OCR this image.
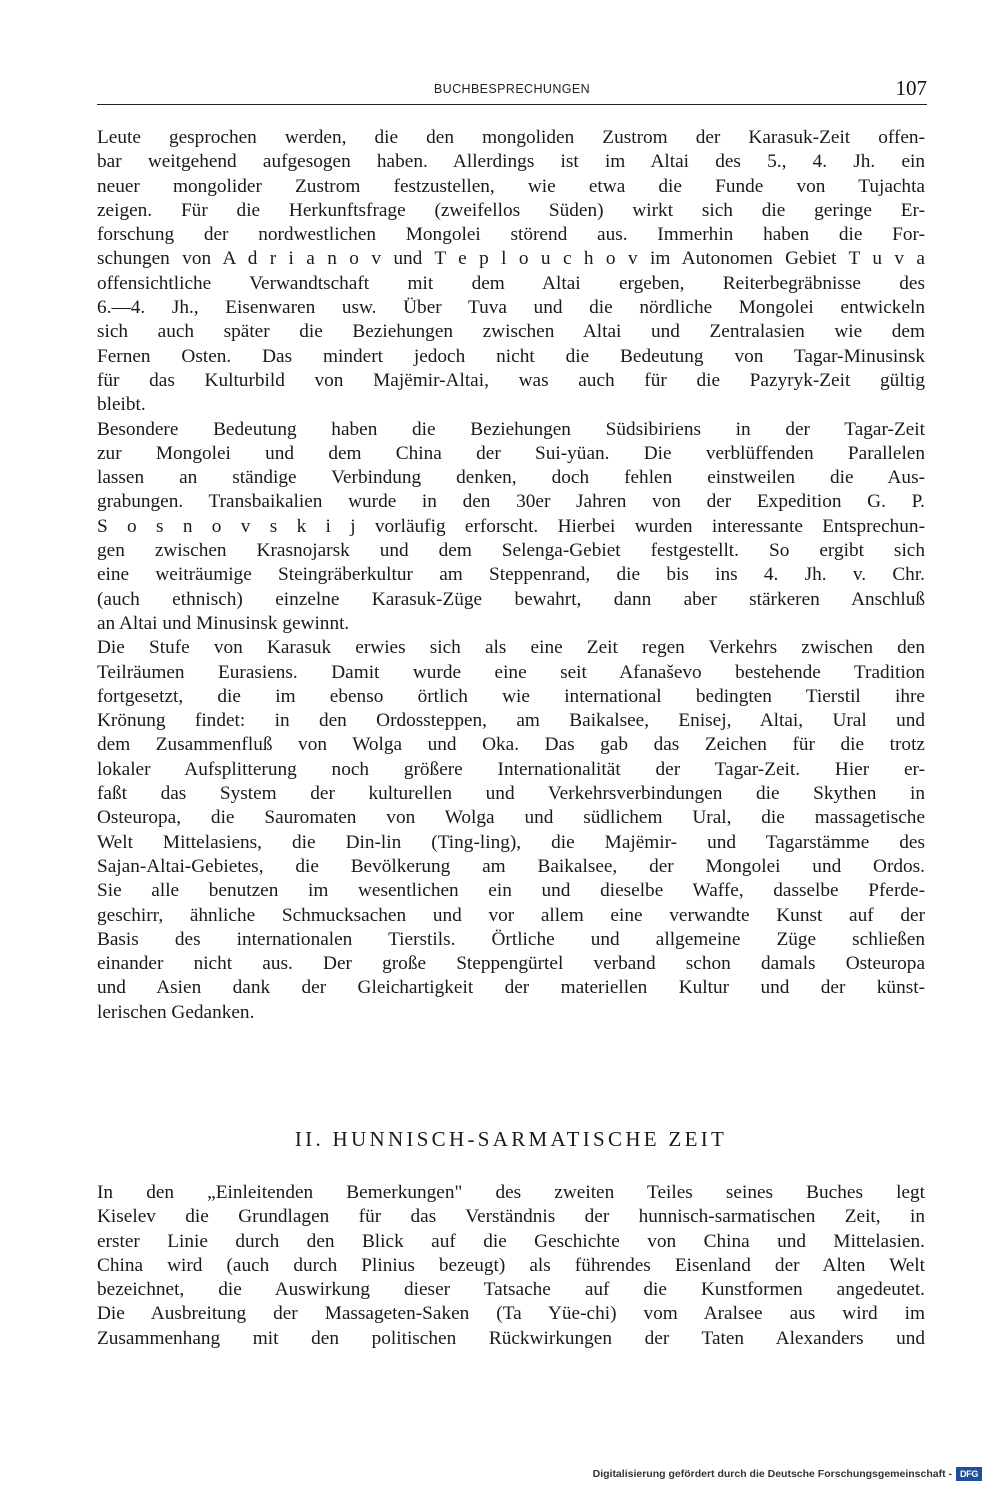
BUCHBESPRECHUNGEN	107
Leute gesprochen werden, die den mongoliden Zustrom der Karasuk-Zeit offen-
bar weitgehend aufgesogen haben. Allerdings ist im Altai des 5., 4. Jh. ein
neuer mongolider Zustrom festzustellen, wie etwa die Funde von Tujachta
zeigen. Für die Herkunftsfrage (zweifellos Süden) wirkt sich die geringe Er-
forschung der nordwestlichen Mongolei störend aus. Immerhin haben die For-
schungen von A d r i a n o v und T e p l o u c h o v im Autonomen Gebiet T u v a
offensichtliche Verwandtschaft mit dem Altai ergeben, Reiterbegräbnisse des
6.—4. Jh., Eisenwaren usw. Über Tuva und die nördliche Mongolei entwickeln
sich auch später die Beziehungen zwischen Altai und Zentralasien wie dem
Fernen Osten. Das mindert jedoch nicht die Bedeutung von Tagar-Minusinsk
für das Kulturbild von Majëmir-Altai, was auch für die Pazyryk-Zeit gültig
bleibt.
Besondere Bedeutung haben die Beziehungen Südsibiriens in der Tagar-Zeit
zur Mongolei und dem China der Sui-yüan. Die verblüffenden Parallelen
lassen an ständige Verbindung denken, doch fehlen einstweilen die Aus-
grabungen. Transbaikalien wurde in den 30er Jahren von der Expedition G. P.
S o s n o v s k i j vorläufig erforscht. Hierbei wurden interessante Entsprechun-
gen zwischen Krasnojarsk und dem Selenga-Gebiet festgestellt. So ergibt sich
eine weiträumige Steingräberkultur am Steppenrand, die bis ins 4. Jh. v. Chr.
(auch ethnisch) einzelne Karasuk-Züge bewahrt, dann aber stärkeren Anschluß
an Altai und Minusinsk gewinnt.
Die Stufe von Karasuk erwies sich als eine Zeit regen Verkehrs zwischen den
Teilräumen Eurasiens. Damit wurde eine seit Afanaševo bestehende Tradition
fortgesetzt, die im ebenso örtlich wie international bedingten Tierstil ihre
Krönung findet: in den Ordossteppen, am Baikalsee, Enisej, Altai, Ural und
dem Zusammenfluß von Wolga und Oka. Das gab das Zeichen für die trotz
lokaler Aufsplitterung noch größere Internationalität der Tagar-Zeit. Hier er-
faßt das System der kulturellen und Verkehrsverbindungen die Skythen in
Osteuropa, die Sauromaten von Wolga und südlichem Ural, die massagetische
Welt Mittelasiens, die Din-lin (Ting-ling), die Majëmir- und Tagarstämme des
Sajan-Altai-Gebietes, die Bevölkerung am Baikalsee, der Mongolei und Ordos.
Sie alle benutzen im wesentlichen ein und dieselbe Waffe, dasselbe Pferde-
geschirr, ähnliche Schmucksachen und vor allem eine verwandte Kunst auf der
Basis des internationalen Tierstils. Örtliche und allgemeine Züge schließen
einander nicht aus. Der große Steppengürtel verband schon damals Osteuropa
und Asien dank der Gleichartigkeit der materiellen Kultur und der künst-
lerischen Gedanken.
II. HUNNISCH-SARMATISCHE ZEIT
In den „Einleitenden Bemerkungen" des zweiten Teiles seines Buches legt
Kiselev die Grundlagen für das Verständnis der hunnisch-sarmatischen Zeit, in
erster Linie durch den Blick auf die Geschichte von China und Mittelasien.
China wird (auch durch Plinius bezeugt) als führendes Eisenland der Alten Welt
bezeichnet, die Auswirkung dieser Tatsache auf die Kunstformen angedeutet.
Die Ausbreitung der Massageten-Saken (Ta Yüe-chi) vom Aralsee aus wird im
Zusammenhang mit den politischen Rückwirkungen der Taten Alexanders und
Digitalisierung gefördert durch die Deutsche Forschungsgemeinschaft - DFG
